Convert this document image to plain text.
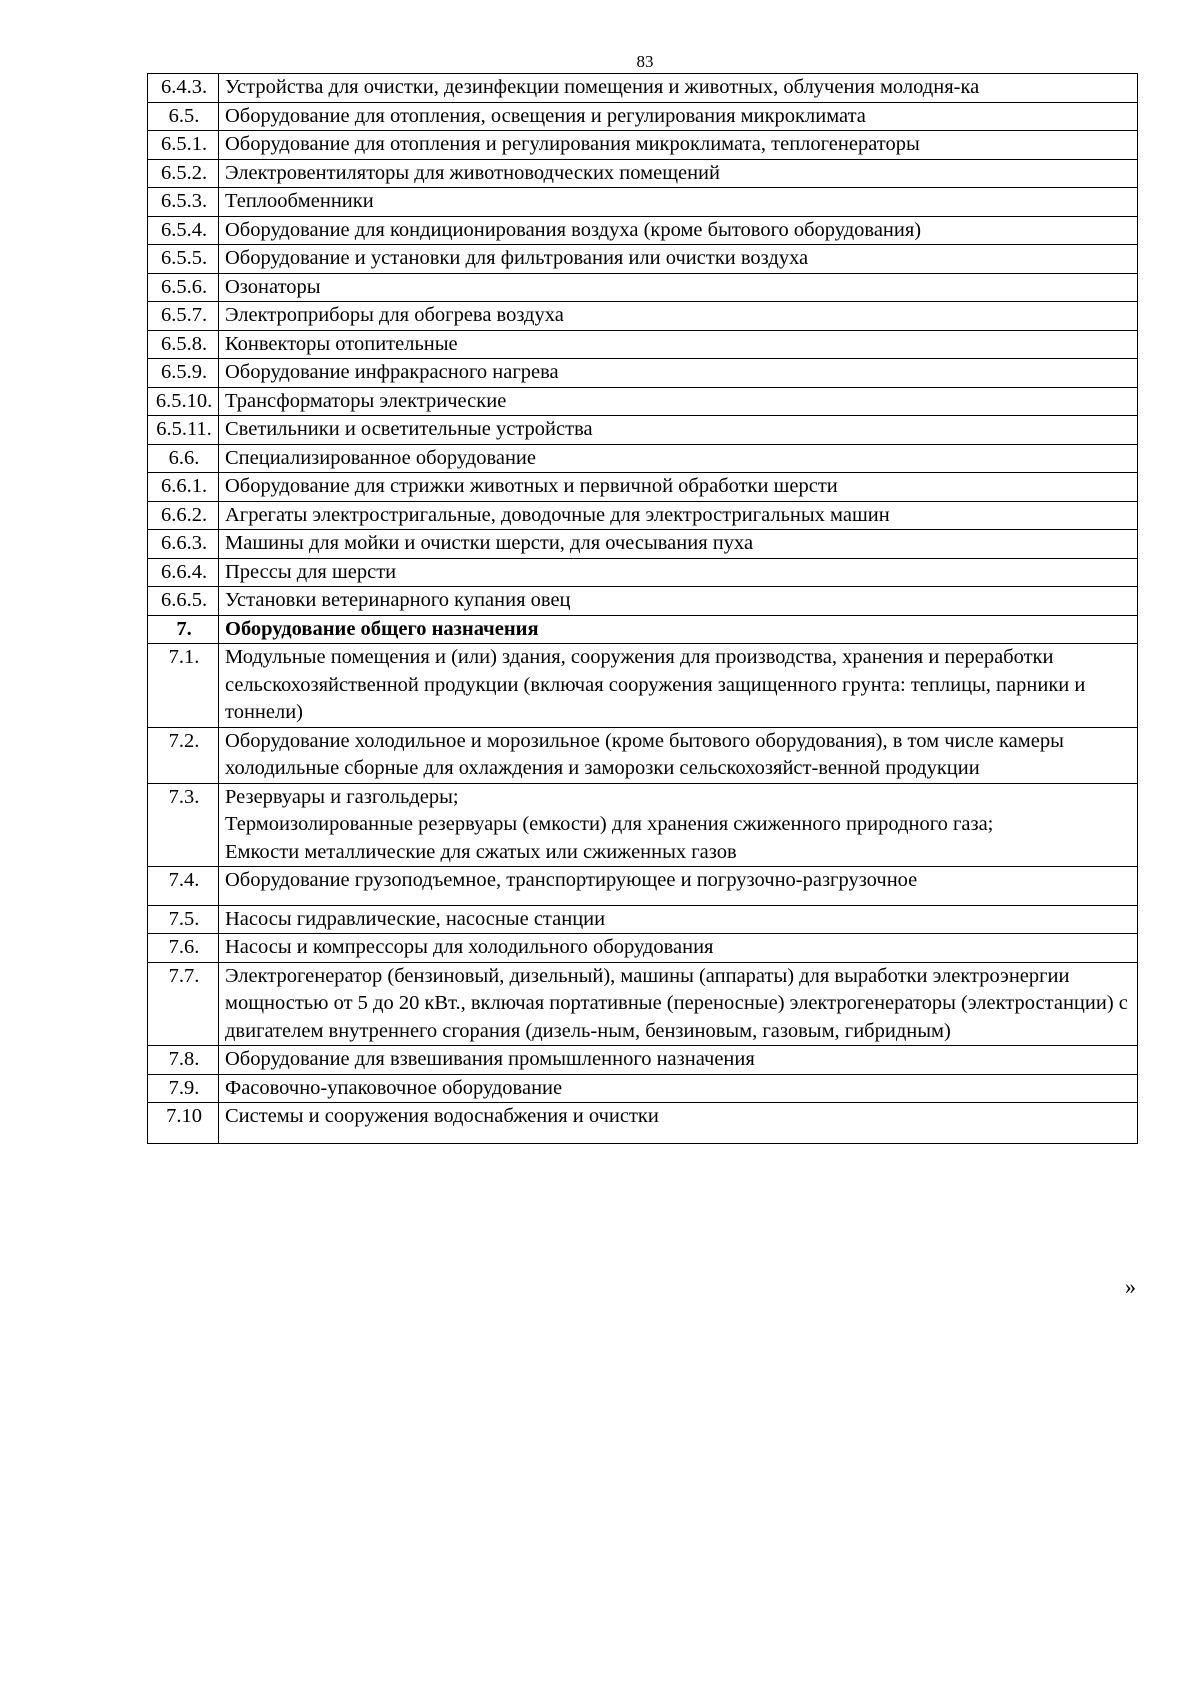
83
6.4.3.	Устройства для очистки, дезинфекции помещения и животных, облучения молодня-ка
6.5.	Оборудование для отопления, освещения и регулирования микроклимата
6.5.1.	Оборудование для отопления и регулирования микроклимата, теплогенераторы
6.5.2.	Электровентиляторы для животноводческих помещений
6.5.3.	Теплообменники
6.5.4.	Оборудование для кондиционирования воздуха (кроме бытового оборудования)
6.5.5.	Оборудование и установки для фильтрования или очистки воздуха
6.5.6.	Озонаторы
6.5.7.	Электроприборы для обогрева воздуха
6.5.8.	Конвекторы отопительные
6.5.9.	Оборудование инфракрасного нагрева
6.5.10.	Трансформаторы электрические
6.5.11.	Светильники и осветительные устройства
6.6.	Специализированное оборудование
6.6.1.	Оборудование для стрижки животных и первичной обработки шерсти
6.6.2.	Агрегаты электростригальные, доводочные для электростригальных машин
6.6.3.	Машины для мойки и очистки шерсти, для очесывания пуха
6.6.4.	Прессы для шерсти
6.6.5.	Установки ветеринарного купания овец
7.	Оборудование общего назначения
7.1.	Модульные помещения и (или) здания, сооружения для производства, хранения и переработки сельскохозяйственной продукции (включая сооружения защищенного грунта: теплицы, парники и тоннели)
7.2.	Оборудование холодильное и морозильное (кроме бытового оборудования), в том числе камеры холодильные сборные для охлаждения и заморозки сельскохозяйст-венной продукции
7.3.	Резервуары и газгольдеры;
Термоизолированные резервуары (емкости) для хранения сжиженного природного газа;
Емкости металлические для сжатых или сжиженных газов

7.4.	Оборудование грузоподъемное, транспортирующее и погрузочно-разгрузочное
7.5.	Насосы гидравлические, насосные станции
7.6.	Насосы и компрессоры для холодильного оборудования
7.7.	Электрогенератор (бензиновый, дизельный), машины (аппараты) для выработки электроэнергии мощностью от 5 до 20 кВт., включая портативные (переносные) электрогенераторы (электростанции) с двигателем внутреннего сгорания (дизель-ным, бензиновым, газовым, гибридным)
7.8.	Оборудование для взвешивания промышленного назначения
7.9.	Фасовочно-упаковочное оборудование
7.10	Системы и сооружения водоснабжения и очистки
»
